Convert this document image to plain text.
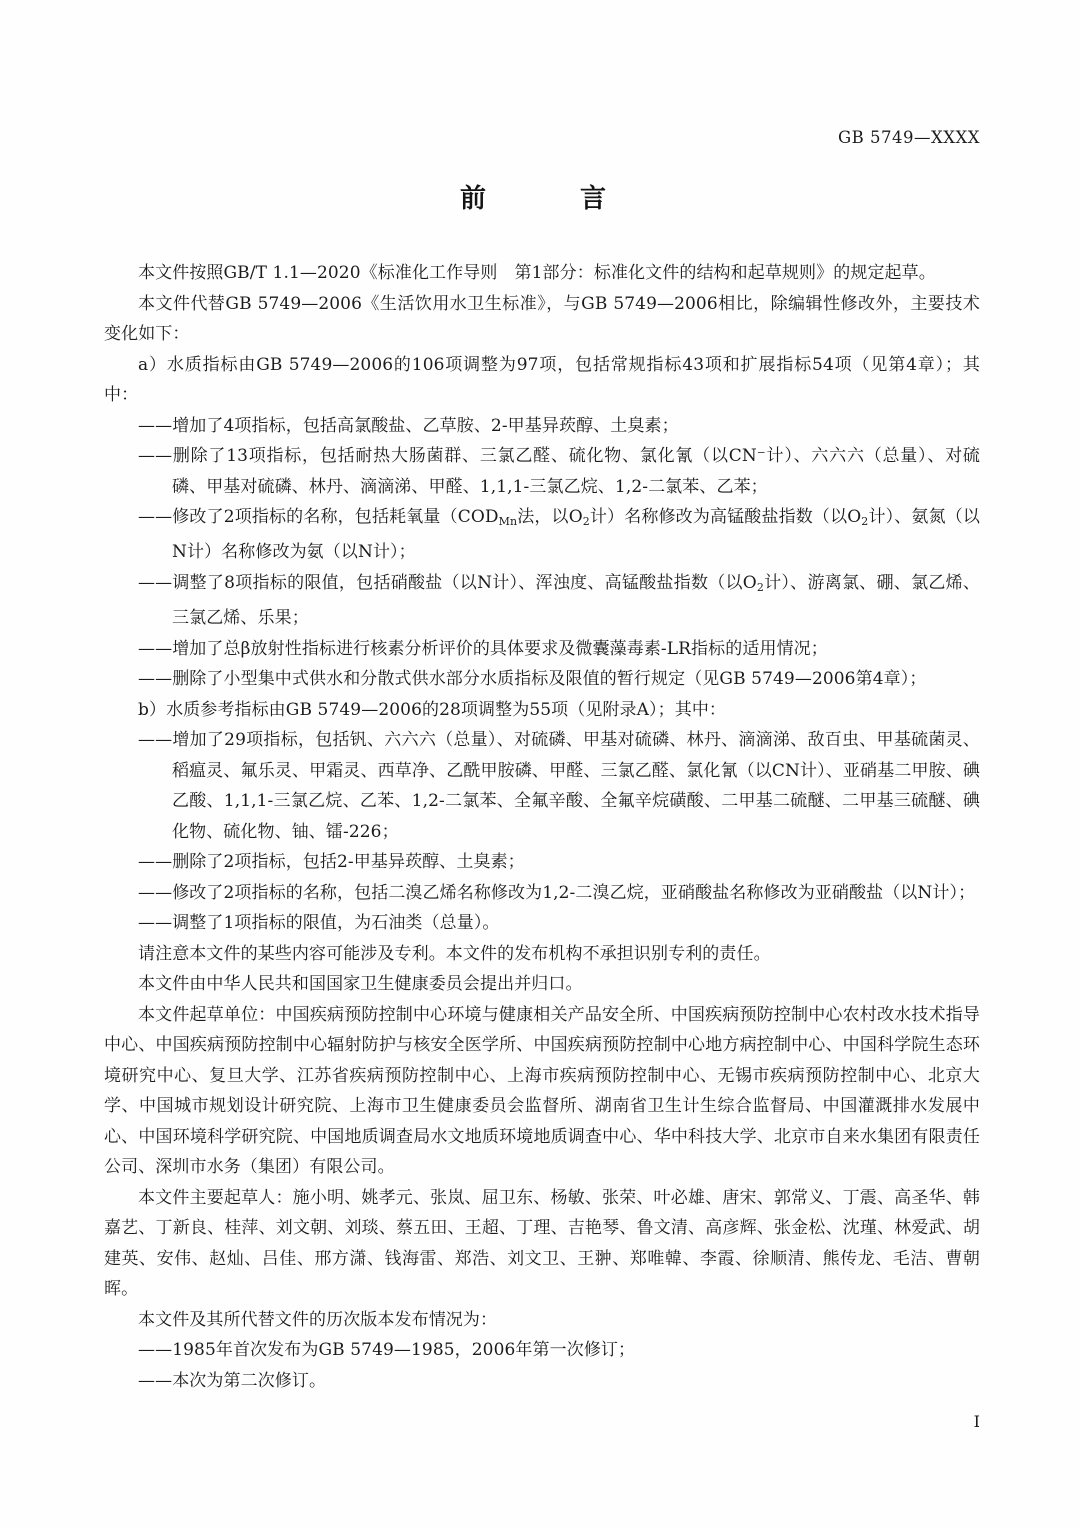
GB 5749—XXXX
前　　言

本文件按照GB/T 1.1—2020《标准化工作导则　第1部分：标准化文件的结构和起草规则》的规定起草。

本文件代替GB 5749—2006《生活饮用水卫生标准》，与GB 5749—2006相比，除编辑性修改外，主要技术变化如下：

a）水质指标由GB 5749—2006的106项调整为97项，包括常规指标43项和扩展指标54项（见第4章）；其中：

——增加了4项指标，包括高氯酸盐、乙草胺、2-甲基异莰醇、土臭素；

——删除了13项指标，包括耐热大肠菌群、三氯乙醛、硫化物、氯化氰（以CN⁻计）、六六六（总量）、对硫磷、甲基对硫磷、林丹、滴滴涕、甲醛、1,1,1-三氯乙烷、1,2-二氯苯、乙苯；

——修改了2项指标的名称，包括耗氧量（$COD_{Mn}$法，以$O_2$计）名称修改为高锰酸盐指数（以$O_2$计）、氨氮（以N计）名称修改为氨（以N计）；

——调整了8项指标的限值，包括硝酸盐（以N计）、浑浊度、高锰酸盐指数（以$O_2$计）、游离氯、硼、氯乙烯、三氯乙烯、乐果；

——增加了总β放射性指标进行核素分析评价的具体要求及微囊藻毒素-LR指标的适用情况；

——删除了小型集中式供水和分散式供水部分水质指标及限值的暂行规定（见GB 5749—2006第4章）；

b）水质参考指标由GB 5749—2006的28项调整为55项（见附录A）；其中：

——增加了29项指标，包括钒、六六六（总量）、对硫磷、甲基对硫磷、林丹、滴滴涕、敌百虫、甲基硫菌灵、稻瘟灵、氟乐灵、甲霜灵、西草净、乙酰甲胺磷、甲醛、三氯乙醛、氯化氰（以CN计）、亚硝基二甲胺、碘乙酸、1,1,1-三氯乙烷、乙苯、1,2-二氯苯、全氟辛酸、全氟辛烷磺酸、二甲基二硫醚、二甲基三硫醚、碘化物、硫化物、铀、镭-226；

——删除了2项指标，包括2-甲基异莰醇、土臭素；

——修改了2项指标的名称，包括二溴乙烯名称修改为1,2-二溴乙烷，亚硝酸盐名称修改为亚硝酸盐（以N计）；

——调整了1项指标的限值，为石油类（总量）。

请注意本文件的某些内容可能涉及专利。本文件的发布机构不承担识别专利的责任。

本文件由中华人民共和国国家卫生健康委员会提出并归口。

本文件起草单位：中国疾病预防控制中心环境与健康相关产品安全所、中国疾病预防控制中心农村改水技术指导中心、中国疾病预防控制中心辐射防护与核安全医学所、中国疾病预防控制中心地方病控制中心、中国科学院生态环境研究中心、复旦大学、江苏省疾病预防控制中心、上海市疾病预防控制中心、无锡市疾病预防控制中心、北京大学、中国城市规划设计研究院、上海市卫生健康委员会监督所、湖南省卫生计生综合监督局、中国灌溉排水发展中心、中国环境科学研究院、中国地质调查局水文地质环境地质调查中心、华中科技大学、北京市自来水集团有限责任公司、深圳市水务（集团）有限公司。

本文件主要起草人：施小明、姚孝元、张岚、屈卫东、杨敏、张荣、叶必雄、唐宋、郭常义、丁震、高圣华、韩嘉艺、丁新良、桂萍、刘文朝、刘琰、蔡五田、王超、丁理、吉艳琴、鲁文清、高彦辉、张金松、沈瑾、林爱武、胡建英、安伟、赵灿、吕佳、邢方潇、钱海雷、郑浩、刘文卫、王翀、郑唯韓、李霞、徐顺清、熊传龙、毛洁、曹朝晖。

本文件及其所代替文件的历次版本发布情况为：

——1985年首次发布为GB 5749—1985，2006年第一次修订；

——本次为第二次修订。

I
